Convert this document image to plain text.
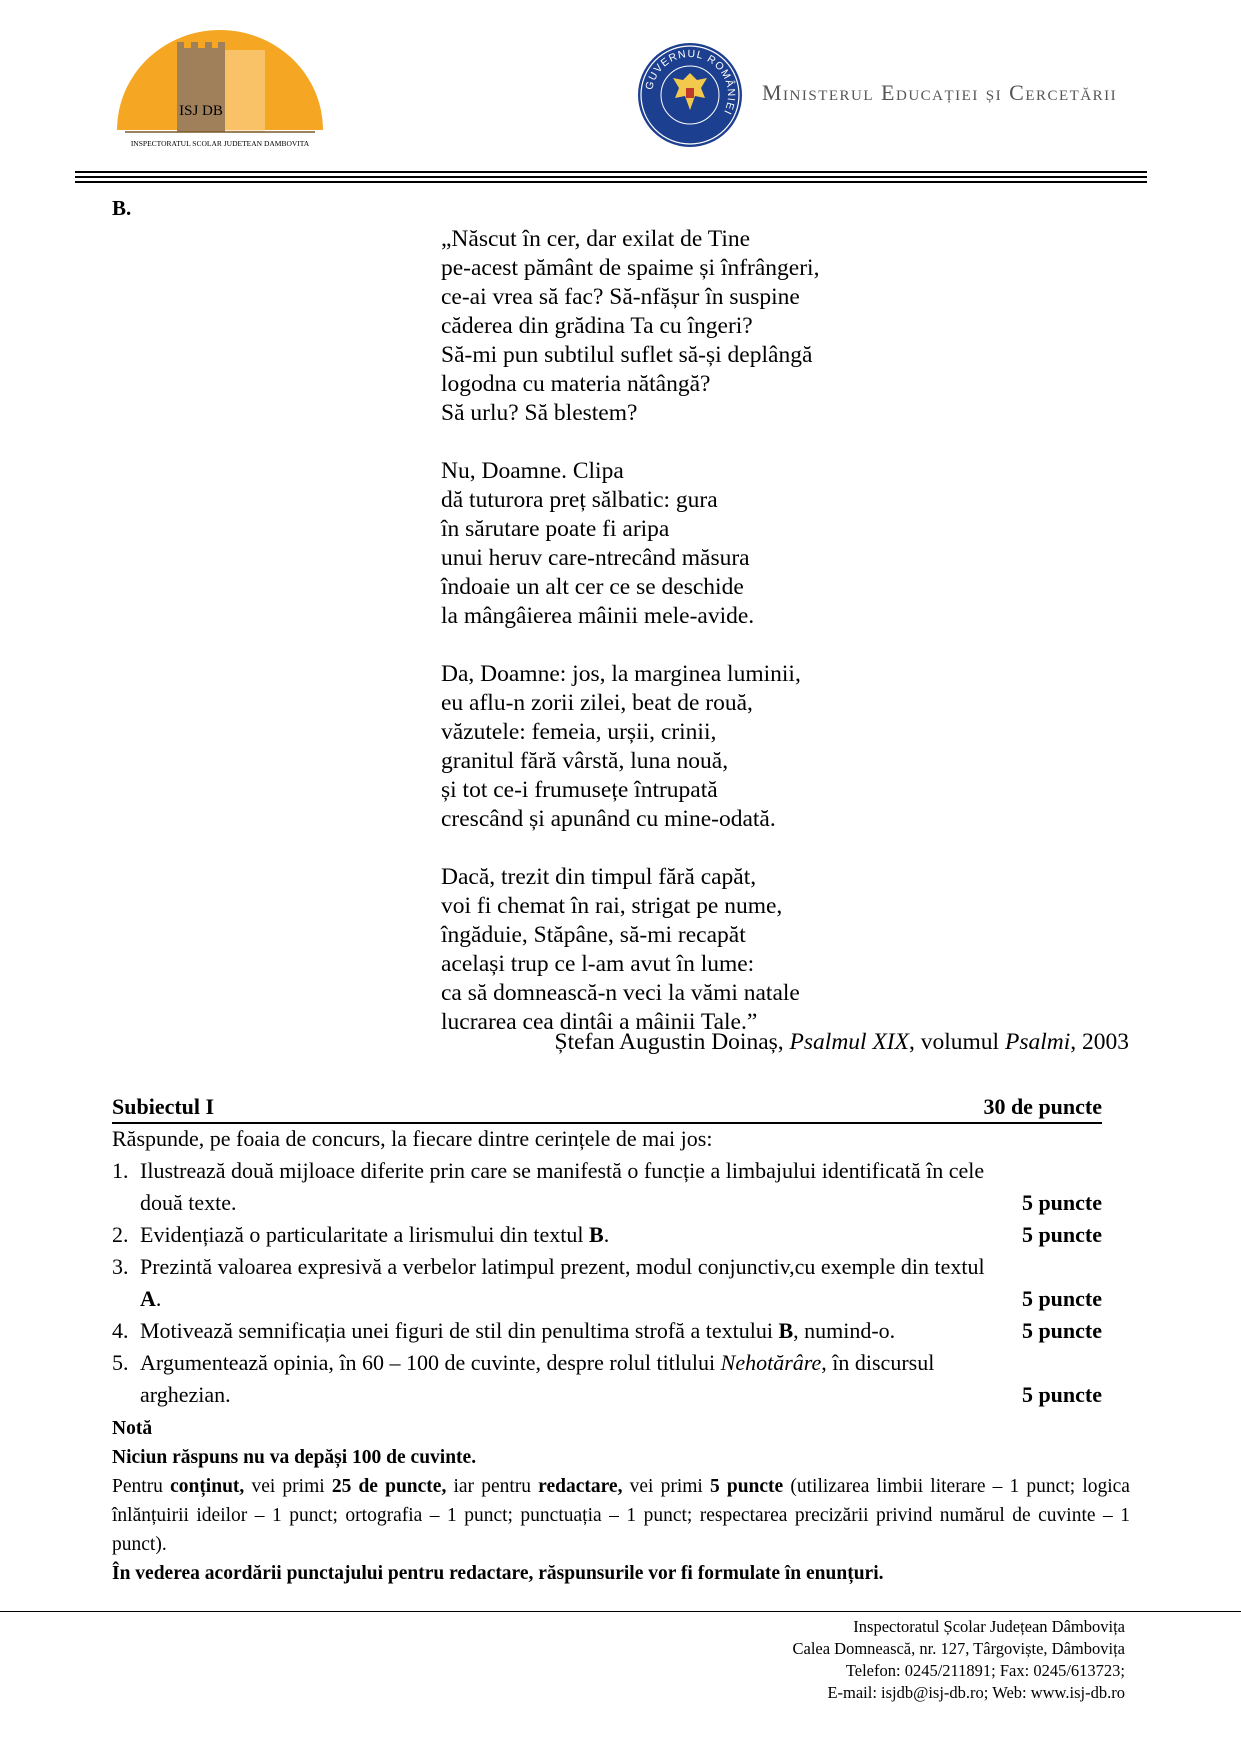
ISJ DB
INSPECTORATUL SCOLAR JUDETEAN DAMBOVITA
GUVERNUL ROMÂNIEI
Ministerul Educației și Cercetării
B.
„Născut în cer, dar exilat de Tine
pe-acest pământ de spaime și înfrângeri,
ce-ai vrea să fac? Să-nfășur în suspine
căderea din grădina Ta cu îngeri?
Să-mi pun subtilul suflet să-și deplângă
logodna cu materia nătângă?
Să urlu? Să blestem?
Nu, Doamne. Clipa
dă tuturora preț sălbatic: gura
în sărutare poate fi aripa
unui heruv care-ntrecând măsura
îndoaie un alt cer ce se deschide
la mângâierea mâinii mele-avide.
Da, Doamne: jos, la marginea luminii,
eu aflu-n zorii zilei, beat de rouă,
văzutele: femeia, urșii, crinii,
granitul fără vârstă, luna nouă,
și tot ce-i frumusețe întrupată
crescând și apunând cu mine-odată.
Dacă, trezit din timpul fără capăt,
voi fi chemat în rai, strigat pe nume,
îngăduie, Stăpâne, să-mi recapăt
același trup ce l-am avut în lume:
ca să domnească-n veci la vămi natale
lucrarea cea dintâi a mâinii Tale.”
Ștefan Augustin Doinaș, Psalmul XIX, volumul Psalmi, 2003
Subiectul I	30 de puncte
Răspunde, pe foaia de concurs, la fiecare dintre cerințele de mai jos:
1. Ilustrează două mijloace diferite prin care se manifestă o funcție a limbajului identificată în cele
două texte.	5 puncte
2. Evidențiază o particularitate a lirismului din textul B.	5 puncte
3. Prezintă valoarea expresivă a verbelor latimpul prezent, modul conjunctiv,cu exemple din textul
A.	5 puncte
4. Motivează semnificația unei figuri de stil din penultima strofă a textului B, numind-o.	5 puncte
5. Argumentează opinia, în 60 – 100 de cuvinte, despre rolul titlului Nehotărâre, în discursul
arghezian.	5 puncte

Notă

Niciun răspuns nu va depăși 100 de cuvinte.

Pentru conținut, vei primi 25 de puncte, iar pentru redactare, vei primi 5 puncte (utilizarea limbii literare – 1 punct; logica înlănțuirii ideilor – 1 punct; ortografia – 1 punct; punctuația – 1 punct; respectarea precizării privind numărul de cuvinte – 1 punct).

În vederea acordării punctajului pentru redactare, răspunsurile vor fi formulate în enunțuri.

Inspectoratul Școlar Județean Dâmbovița
Calea Domnească, nr. 127, Târgoviște, Dâmbovița
Telefon: 0245/211891; Fax: 0245/613723;
E-mail: isjdb@isj-db.ro; Web: www.isj-db.ro
